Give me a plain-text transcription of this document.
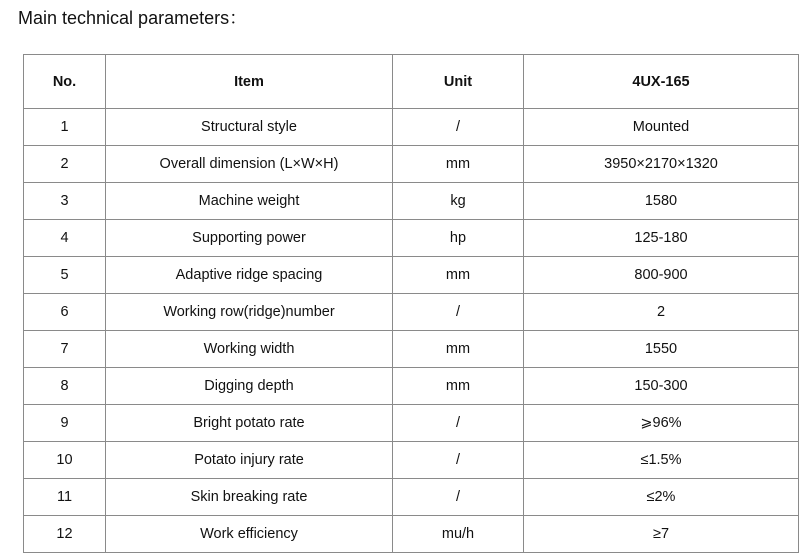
Main technical parameters：
No.	Item	Unit	4UX-165
1	Structural style	/	Mounted
2	Overall dimension (L×W×H)	mm	3950×2170×1320
3	Machine weight	kg	1580
4	Supporting power	hp	125-180
5	Adaptive ridge spacing	mm	800-900
6	Working row(ridge)number	/	2
7	Working width	mm	1550
8	Digging depth	mm	150-300
9	Bright potato rate	/	⩾96%
10	Potato injury rate	/	≤1.5%
11	Skin breaking rate	/	≤2%
12	Work efficiency	mu/h	≥7
